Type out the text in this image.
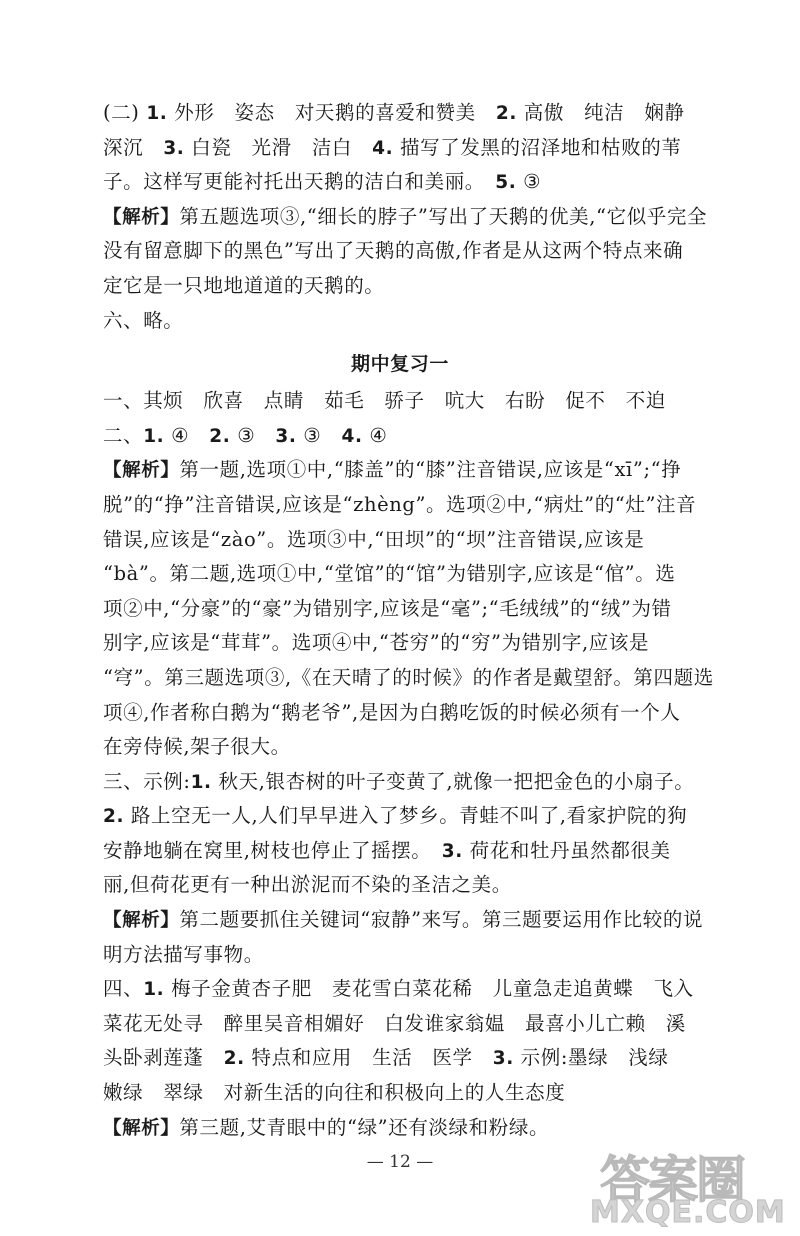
(二) 1. 外形　姿态　对天鹅的喜爱和赞美　2. 高傲　纯洁　娴静
深沉　3. 白瓷　光滑　洁白　4. 描写了发黑的沼泽地和枯败的苇
子。这样写更能衬托出天鹅的洁白和美丽。　5. ③
【解析】第五题选项③,“细长的脖子”写出了天鹅的优美,“它似乎完全
没有留意脚下的黑色”写出了天鹅的高傲,作者是从这两个特点来确
定它是一只地地道道的天鹅的。
六、略。
期中复习一
一、其烦　欣喜　点睛　茹毛　骄子　吭大　右盼　促不　不迫
二、1. ④　2. ③　3. ③　4. ④
【解析】第一题,选项①中,“膝盖”的“膝”注音错误,应该是“xī”;“挣
脱”的“挣”注音错误,应该是“zhèng”。选项②中,“病灶”的“灶”注音
错误,应该是“zào”。选项③中,“田坝”的“坝”注音错误,应该是
“bà”。第二题,选项①中,“堂馆”的“馆”为错别字,应该是“倌”。选
项②中,“分豪”的“豪”为错别字,应该是“毫”;“毛绒绒”的“绒”为错
别字,应该是“茸茸”。选项④中,“苍穷”的“穷”为错别字,应该是
“穹”。第三题选项③,《在天晴了的时候》的作者是戴望舒。第四题选
项④,作者称白鹅为“鹅老爷”,是因为白鹅吃饭的时候必须有一个人
在旁侍候,架子很大。
三、示例:1. 秋天,银杏树的叶子变黄了,就像一把把金色的小扇子。
2. 路上空无一人,人们早早进入了梦乡。青蛙不叫了,看家护院的狗
安静地躺在窝里,树枝也停止了摇摆。　3. 荷花和牡丹虽然都很美
丽,但荷花更有一种出淤泥而不染的圣洁之美。
【解析】第二题要抓住关键词“寂静”来写。第三题要运用作比较的说
明方法描写事物。
四、1. 梅子金黄杏子肥　麦花雪白菜花稀　儿童急走追黄蝶　飞入
菜花无处寻　醉里吴音相媚好　白发谁家翁媪　最喜小儿亡赖　溪
头卧剥莲蓬　2. 特点和应用　生活　医学　3. 示例:墨绿　浅绿
嫩绿　翠绿　对新生活的向往和积极向上的人生态度
【解析】第三题,艾青眼中的“绿”还有淡绿和粉绿。
— 12 —	答案圈
MXQE.COM
